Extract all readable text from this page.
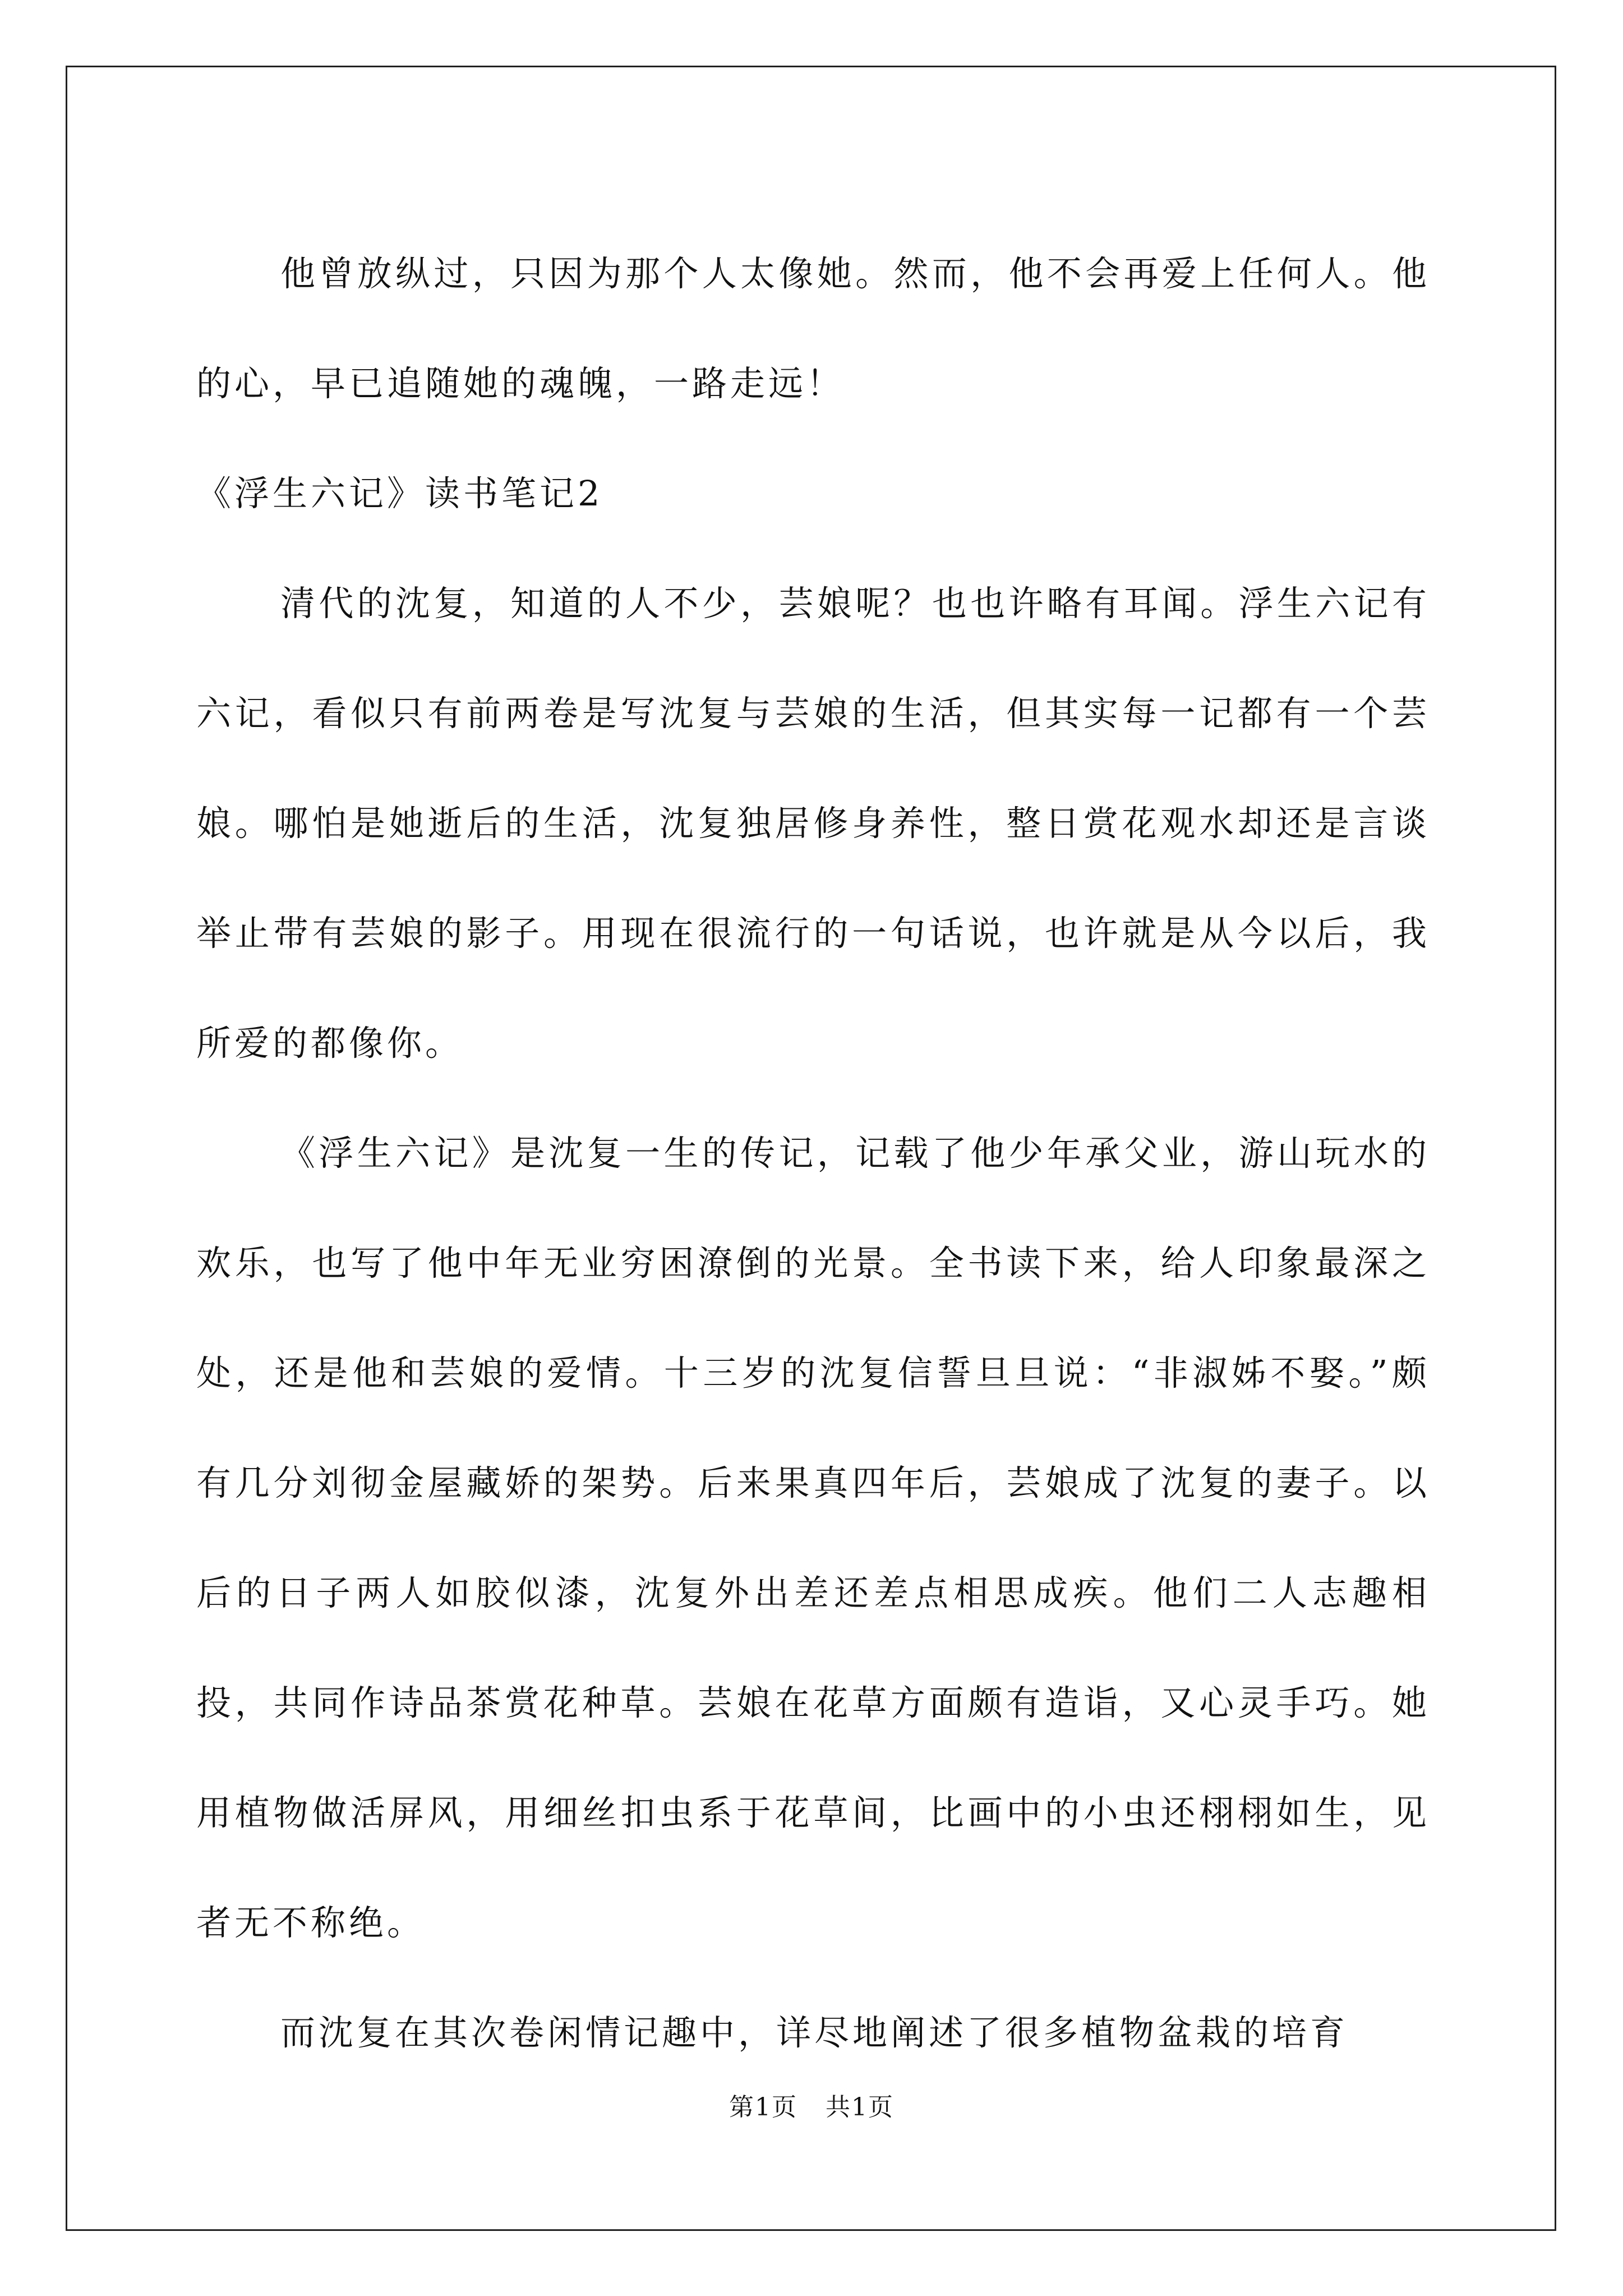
他曾放纵过，只因为那个人太像她。然而，他不会再爱上任何人。他的心，早已追随她的魂魄，一路走远！

《浮生六记》读书笔记2

清代的沈复，知道的人不少，芸娘呢？也也许略有耳闻。浮生六记有六记，看似只有前两卷是写沈复与芸娘的生活，但其实每一记都有一个芸娘。哪怕是她逝后的生活，沈复独居修身养性，整日赏花观水却还是言谈举止带有芸娘的影子。用现在很流行的一句话说，也许就是从今以后，我所爱的都像你。

《浮生六记》是沈复一生的传记，记载了他少年承父业，游山玩水的欢乐，也写了他中年无业穷困潦倒的光景。全书读下来，给人印象最深之处，还是他和芸娘的爱情。十三岁的沈复信誓旦旦说：“非淑姊不娶。”颇有几分刘彻金屋藏娇的架势。后来果真四年后，芸娘成了沈复的妻子。以后的日子两人如胶似漆，沈复外出差还差点相思成疾。他们二人志趣相投，共同作诗品茶赏花种草。芸娘在花草方面颇有造诣，又心灵手巧。她用植物做活屏风，用细丝扣虫系于花草间，比画中的小虫还栩栩如生，见者无不称绝。

而沈复在其次卷闲情记趣中，详尽地阐述了很多植物盆栽的培育

第1页 共1页
